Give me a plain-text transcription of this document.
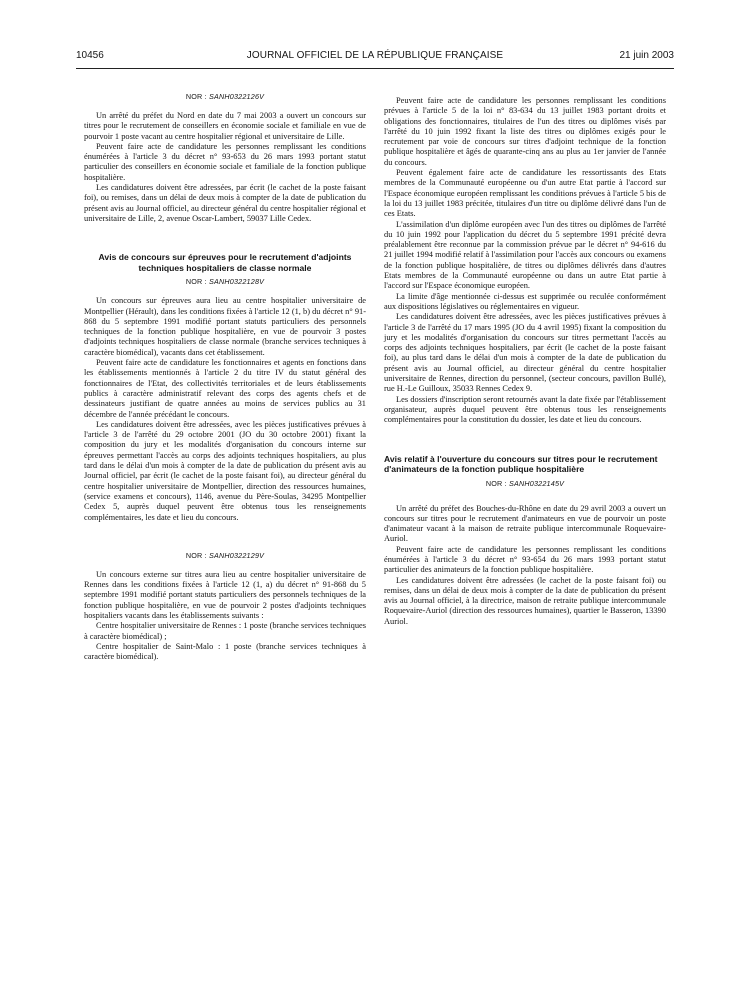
JOURNAL OFFICIEL DE LA RÉPUBLIQUE FRANÇAISE
10456	21 juin 2003
NOR : SANH0322126V

Un arrêté du préfet du Nord en date du 7 mai 2003 a ouvert un concours sur titres pour le recrutement de conseillers en économie sociale et familiale en vue de pourvoir 1 poste vacant au centre hospitalier régional et universitaire de Lille.

Peuvent faire acte de candidature les personnes remplissant les conditions énumérées à l'article 3 du décret n° 93-653 du 26 mars 1993 portant statut particulier des conseillers en économie sociale et familiale de la fonction publique hospitalière.

Les candidatures doivent être adressées, par écrit (le cachet de la poste faisant foi), ou remises, dans un délai de deux mois à compter de la date de publication du présent avis au Journal officiel, au directeur général du centre hospitalier régional et universitaire de Lille, 2, avenue Oscar-Lambert, 59037 Lille Cedex.

Avis de concours sur épreuves pour le recrutement d'adjoints techniques hospitaliers de classe normale
NOR : SANH0322128V

Un concours sur épreuves aura lieu au centre hospitalier universitaire de Montpellier (Hérault), dans les conditions fixées à l'article 12 (1, b) du décret n° 91-868 du 5 septembre 1991 modifié portant statuts particuliers des personnels techniques de la fonction publique hospitalière, en vue de pourvoir 3 postes d'adjoints techniques hospitaliers de classe normale (branche services techniques à caractère biomédical), vacants dans cet établissement.

Peuvent faire acte de candidature les fonctionnaires et agents en fonctions dans les établissements mentionnés à l'article 2 du titre IV du statut général des fonctionnaires de l'Etat, des collectivités territoriales et de leurs établissements publics à caractère administratif relevant des corps des agents chefs et de dessinateurs justifiant de quatre années au moins de services publics au 31 décembre de l'année précédant le concours.

Les candidatures doivent être adressées, avec les pièces justificatives prévues à l'article 3 de l'arrêté du 29 octobre 2001 (JO du 30 octobre 2001) fixant la composition du jury et les modalités d'organisation du concours interne sur épreuves permettant l'accès au corps des adjoints techniques hospitaliers, au plus tard dans le délai d'un mois à compter de la date de publication du présent avis au Journal officiel, par écrit (le cachet de la poste faisant foi), au directeur général du centre hospitalier universitaire de Montpellier, direction des ressources humaines, (service examens et concours), 1146, avenue du Père-Soulas, 34295 Montpellier Cedex 5, auprès duquel peuvent être obtenus tous les renseignements complémentaires, les date et lieu du concours.

NOR : SANH0322129V

Un concours externe sur titres aura lieu au centre hospitalier universitaire de Rennes dans les conditions fixées à l'article 12 (1, a) du décret n° 91-868 du 5 septembre 1991 modifié portant statuts particuliers des personnels techniques de la fonction publique hospitalière, en vue de pourvoir 2 postes d'adjoints techniques hospitaliers vacants dans les établissements suivants :

Centre hospitalier universitaire de Rennes : 1 poste (branche services techniques à caractère biomédical) ;

Centre hospitalier de Saint-Malo : 1 poste (branche services techniques à caractère biomédical).

Peuvent faire acte de candidature les personnes remplissant les conditions prévues à l'article 5 de la loi n° 83-634 du 13 juillet 1983 portant droits et obligations des fonctionnaires, titulaires de l'un des titres ou diplômes visés par l'arrêté du 10 juin 1992 fixant la liste des titres ou diplômes exigés pour le recrutement par voie de concours sur titres d'adjoint technique de la fonction publique hospitalière et âgés de quarante-cinq ans au plus au 1er janvier de l'année du concours.

Peuvent également faire acte de candidature les ressortissants des Etats membres de la Communauté européenne ou d'un autre Etat partie à l'accord sur l'Espace économique européen remplissant les conditions prévues à l'article 5 bis de la loi du 13 juillet 1983 précitée, titulaires d'un titre ou diplôme délivré dans l'un de ces Etats.

L'assimilation d'un diplôme européen avec l'un des titres ou diplômes de l'arrêté du 10 juin 1992 pour l'application du décret du 5 septembre 1991 précité devra préalablement être reconnue par la commission prévue par le décret n° 94-616 du 21 juillet 1994 modifié relatif à l'assimilation pour l'accès aux concours ou examens de la fonction publique hospitalière, de titres ou diplômes délivrés dans d'autres Etats membres de la Communauté européenne ou dans un autre Etat partie à l'accord sur l'Espace économique européen.

La limite d'âge mentionnée ci-dessus est supprimée ou reculée conformément aux dispositions législatives ou réglementaires en vigueur.

Les candidatures doivent être adressées, avec les pièces justificatives prévues à l'article 3 de l'arrêté du 17 mars 1995 (JO du 4 avril 1995) fixant la composition du jury et les modalités d'organisation du concours sur titres permettant l'accès au corps des adjoints techniques hospitaliers, par écrit (le cachet de la poste faisant foi), au plus tard dans le délai d'un mois à compter de la date de publication du présent avis au Journal officiel, au directeur général du centre hospitalier universitaire de Rennes, direction du personnel, (secteur concours, pavillon Bullé), rue H.-Le Guilloux, 35033 Rennes Cedex 9.

Les dossiers d'inscription seront retournés avant la date fixée par l'établissement organisateur, auprès duquel peuvent être obtenus tous les renseignements complémentaires pour la constitution du dossier, les date et lieu du concours.

Avis relatif à l'ouverture du concours sur titres pour le recrutement d'animateurs de la fonction publique hospitalière
NOR : SANH0322145V

Un arrêté du préfet des Bouches-du-Rhône en date du 29 avril 2003 a ouvert un concours sur titres pour le recrutement d'animateurs en vue de pourvoir un poste d'animateur vacant à la maison de retraite publique intercommunale Roquevaire-Auriol.

Peuvent faire acte de candidature les personnes remplissant les conditions énumérées à l'article 3 du décret n° 93-654 du 26 mars 1993 portant statut particulier des animateurs de la fonction publique hospitalière.

Les candidatures doivent être adressées (le cachet de la poste faisant foi) ou remises, dans un délai de deux mois à compter de la date de publication du présent avis au Journal officiel, à la directrice, maison de retraite publique intercommunale Roquevaire-Auriol (direction des ressources humaines), quartier le Basseron, 13390 Auriol.
